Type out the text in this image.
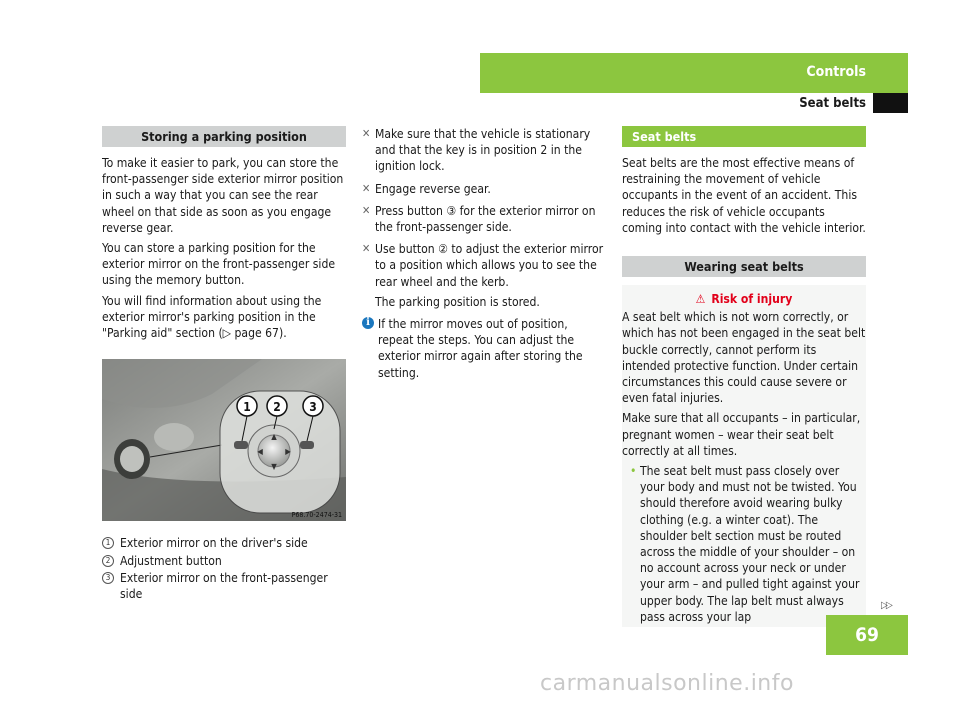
Controls
Seat belts
Storing a parking position

To make it easier to park, you can store the front-passenger side exterior mirror position in such a way that you can see the rear wheel on that side as soon as you engage reverse gear.

You can store a parking position for the exterior mirror on the front-passenger side using the memory button.

You will find information about using the exterior mirror's parking position in the "Parking aid" section (▷ page 67).

▲
▼
◀	▶
1 2 3
P68.70-2474-31
1 Exterior mirror on the driver's side
2 Adjustment button
3 Exterior mirror on the front-passenger side
✕ Make sure that the vehicle is stationary and that the key is in position 2 in the ignition lock.
✕ Engage reverse gear.
✕ Press button ③ for the exterior mirror on the front-passenger side.
✕ Use button ② to adjust the exterior mirror to a position which allows you to see the rear wheel and the kerb.

The parking position is stored.

i If the mirror moves out of position, repeat the steps. You can adjust the exterior mirror again after storing the setting.
Seat belts

Seat belts are the most effective means of restraining the movement of vehicle occupants in the event of an accident. This reduces the risk of vehicle occupants coming into contact with the vehicle interior.

Wearing seat belts
⚠ Risk of injury

A seat belt which is not worn correctly, or which has not been engaged in the seat belt buckle correctly, cannot perform its intended protective function. Under certain circumstances this could cause severe or even fatal injuries.

Make sure that all occupants – in particular, pregnant women – wear their seat belt correctly at all times.

• The seat belt must pass closely over your body and must not be twisted. You should therefore avoid wearing bulky clothing (e.g. a winter coat). The shoulder belt section must be routed across the middle of your shoulder – on no account across your neck or under your arm – and pulled tight against your upper body. The lap belt must always pass across your lap
▷▷
69
carmanualsonline.info
